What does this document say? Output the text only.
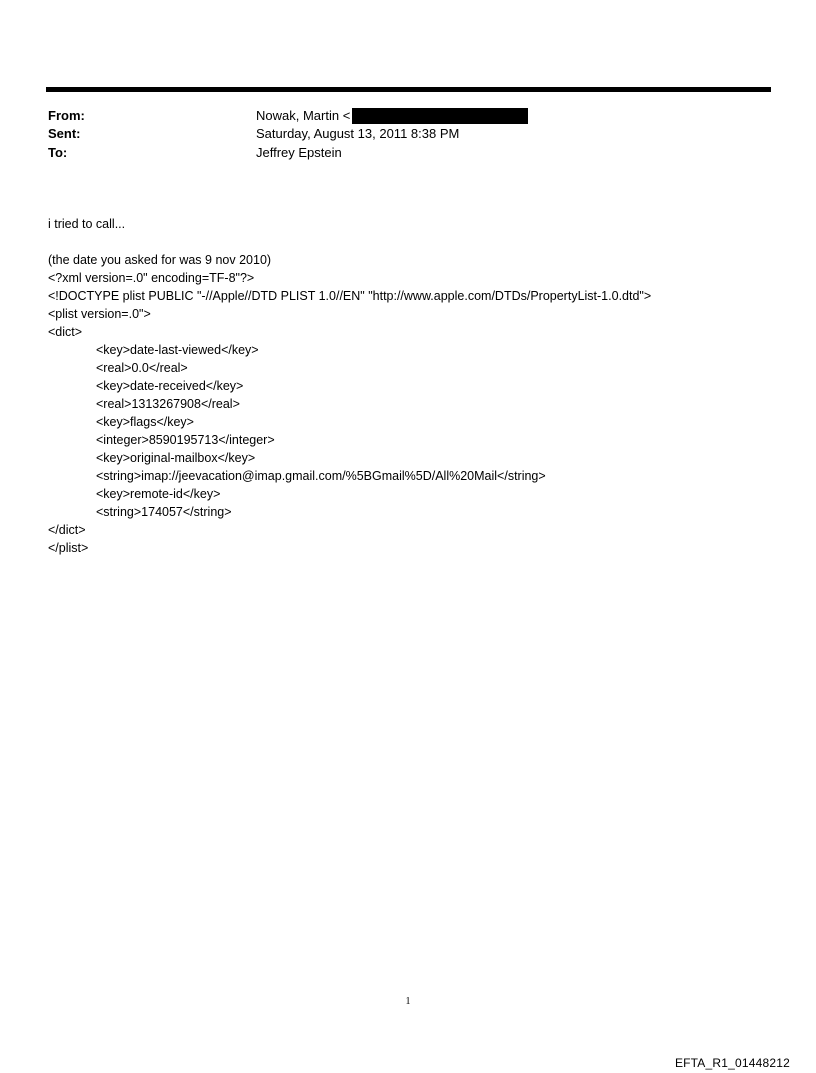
From:	Nowak, Martin <
Sent:	Saturday, August 13, 2011 8:38 PM
To:	Jeffrey Epstein
i tried to call...
(the date you asked for was 9 nov 2010)
<?xml version=.0" encoding=TF-8"?>
<!DOCTYPE plist PUBLIC "-//Apple//DTD PLIST 1.0//EN" "http://www.apple.com/DTDs/PropertyList-1.0.dtd">
<plist version=.0">
<dict>
<key>date-last-viewed</key>
<real>0.0</real>
<key>date-received</key>
<real>1313267908</real>
<key>flags</key>
<integer>8590195713</integer>
<key>original-mailbox</key>
<string>imap://jeevacation@imap.gmail.com/%5BGmail%5D/All%20Mail</string>
<key>remote-id</key>
<string>174057</string>
</dict>
</plist>
1
EFTA_R1_01448212
